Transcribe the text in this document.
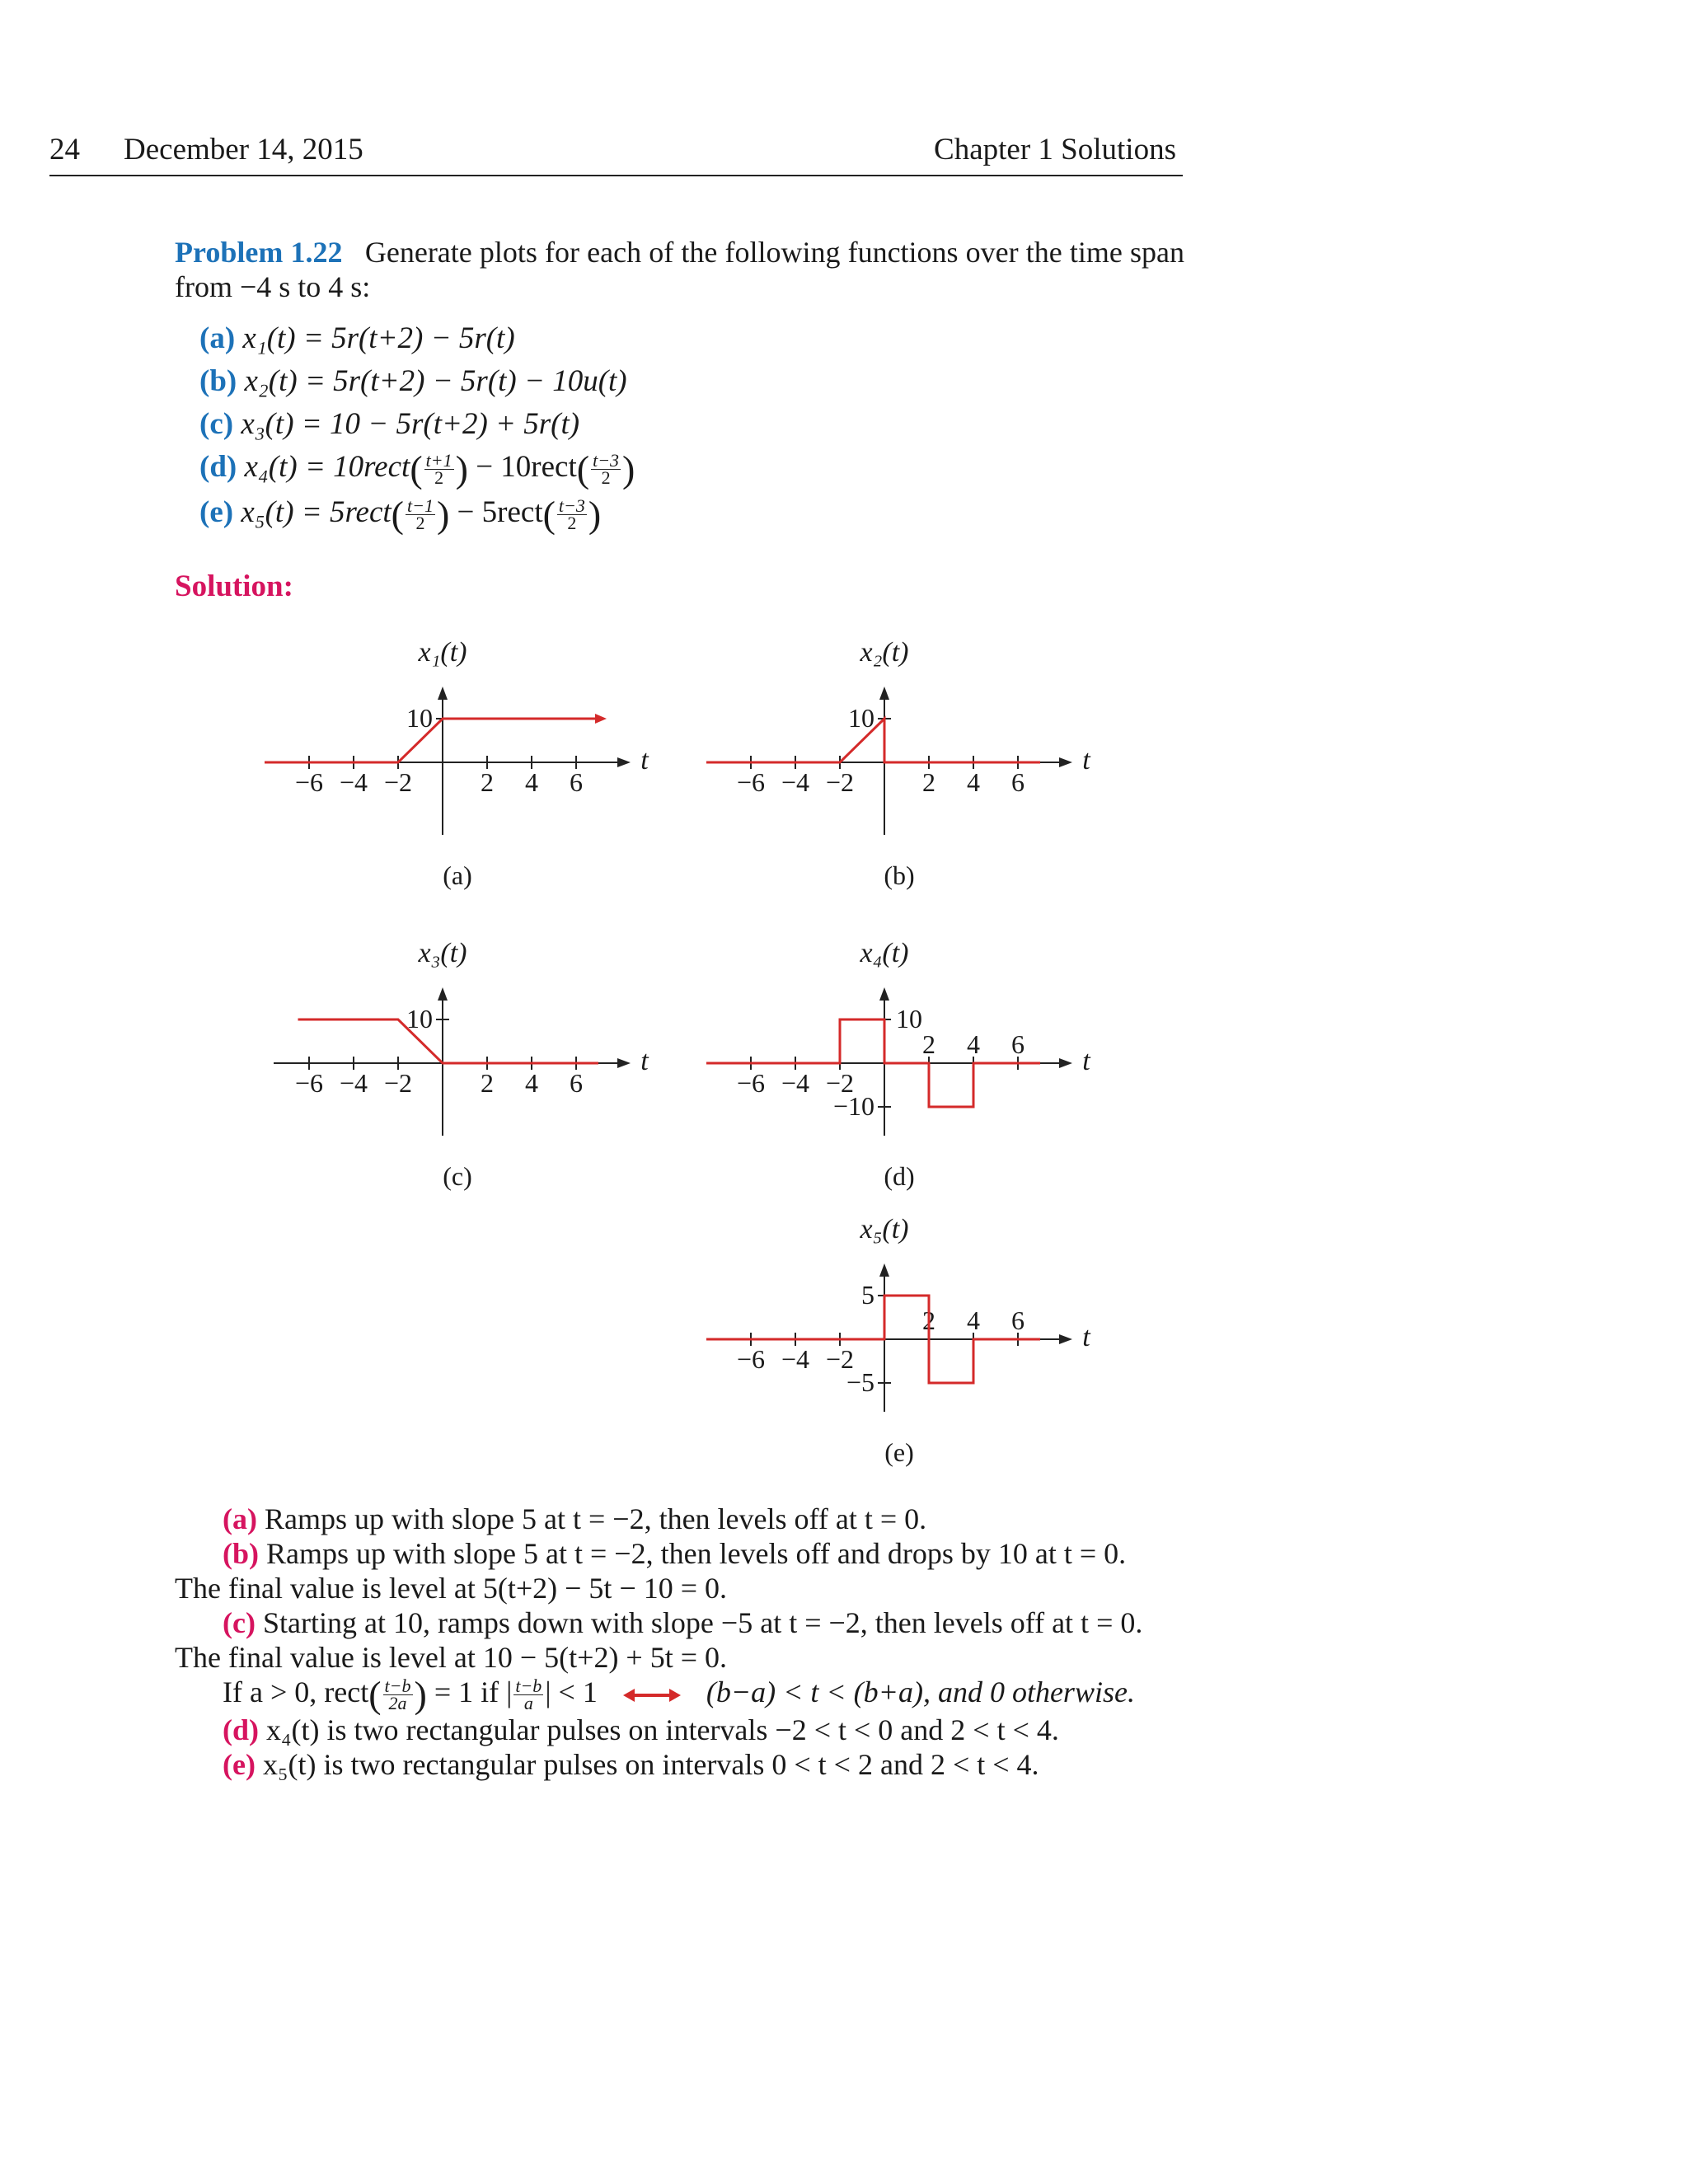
24 December 14, 2015	Chapter 1 Solutions
Problem 1.22 Generate plots for each of the following functions over the time span from −4 s to 4 s:
(a) x₁(t) = 5r(t+2) − 5r(t)
(b) x₂(t) = 5r(t+2) − 5r(t) − 10u(t)
(c) x₃(t) = 10 − 5r(t+2) + 5r(t)
(d) x₄(t) = 10rect( $\frac{t+1}{2}$ ) − 10rect( $\frac{t-3}{2}$ )
(e) x₅(t) = 5rect( $\frac{t-1}{2}$ ) − 5rect( $\frac{t-3}{2}$ )
Solution:
−6 −4 −2	2 4 6
t
10
x₁(t)
(a)
−6 −4 −2	2 4 6
t
10
x₂(t)
(b)
−6 −4 −2	2 4 6
t
10
x₃(t)
(c)
−6 −4 −2
2 4 6
t
10
−10
x₄(t)
(d)
−6 −4 −2
2 4 6
t
5
−5
x₅(t)
(e)

(a) Ramps up with slope 5 at t = −2, then levels off at t = 0.

(b) Ramps up with slope 5 at t = −2, then levels off and drops by 10 at t = 0.

The final value is level at 5(t+2) − 5t − 10 = 0.

(c) Starting at 10, ramps down with slope −5 at t = −2, then levels off at t = 0.

The final value is level at 10 − 5(t+2) + 5t = 0.

If a > 0, rect( $\frac{t-b}{2a}$ ) = 1 if | $\frac{t-b}{a}$ | < 1	(b−a) < t < (b+a), and 0 otherwise.

(d) x₄(t) is two rectangular pulses on intervals −2 < t < 0 and 2 < t < 4.

(e) x₅(t) is two rectangular pulses on intervals 0 < t < 2 and 2 < t < 4.
